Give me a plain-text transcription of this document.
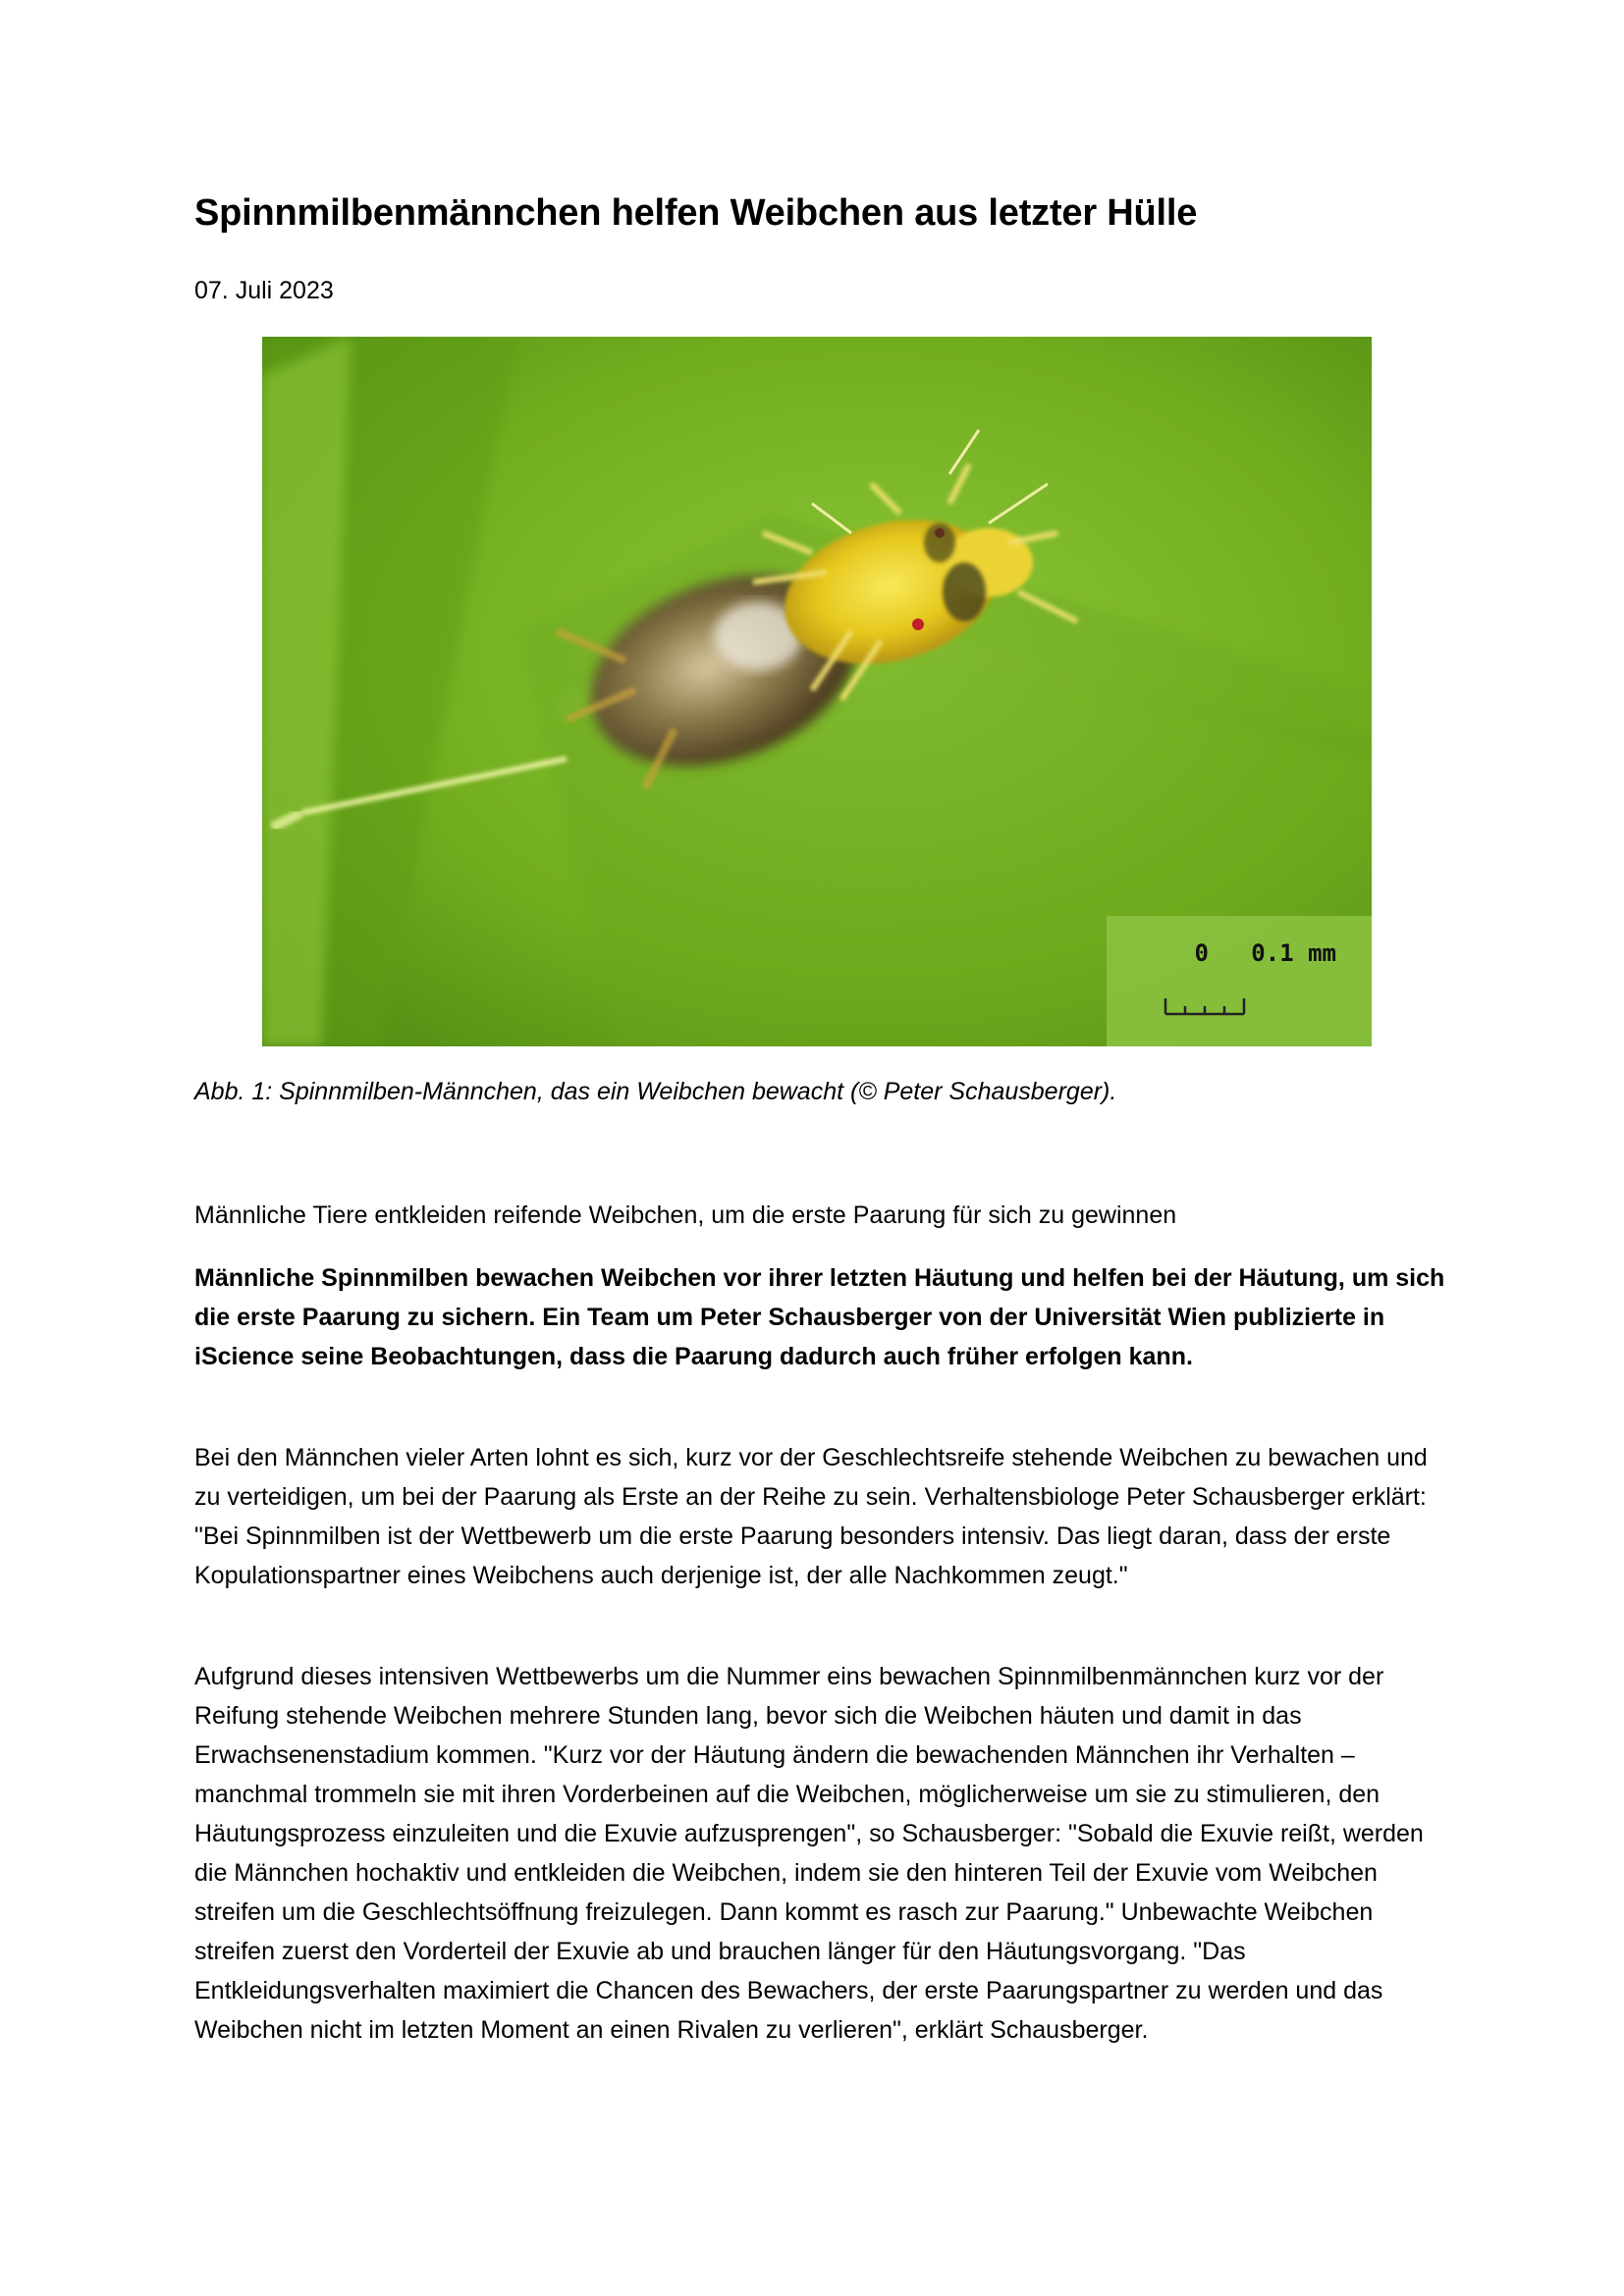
Spinnmilbenmännchen helfen Weibchen aus letzter Hülle
07. Juli 2023
0   0.1 mm
Abb. 1: Spinnmilben-Männchen, das ein Weibchen bewacht (© Peter Schausberger).
Männliche Tiere entkleiden reifende Weibchen, um die erste Paarung für sich zu gewinnen

Männliche Spinnmilben bewachen Weibchen vor ihrer letzten Häutung und helfen bei der Häutung, um sich die erste Paarung zu sichern. Ein Team um Peter Schausberger von der Universität Wien publizierte in iScience seine Beobachtungen, dass die Paarung dadurch auch früher erfolgen kann.

Bei den Männchen vieler Arten lohnt es sich, kurz vor der Geschlechtsreife stehende Weibchen zu bewachen und zu verteidigen, um bei der Paarung als Erste an der Reihe zu sein. Verhaltensbiologe Peter Schausberger erklärt: "Bei Spinnmilben ist der Wettbewerb um die erste Paarung besonders intensiv. Das liegt daran, dass der erste Kopulationspartner eines Weibchens auch derjenige ist, der alle Nachkommen zeugt."

Aufgrund dieses intensiven Wettbewerbs um die Nummer eins bewachen Spinnmilbenmännchen kurz vor der Reifung stehende Weibchen mehrere Stunden lang, bevor sich die Weibchen häuten und damit in das Erwachsenenstadium kommen. "Kurz vor der Häutung ändern die bewachenden Männchen ihr Verhalten – manchmal trommeln sie mit ihren Vorderbeinen auf die Weibchen, möglicherweise um sie zu stimulieren, den Häutungsprozess einzuleiten und die Exuvie aufzusprengen", so Schausberger: "Sobald die Exuvie reißt, werden die Männchen hochaktiv und entkleiden die Weibchen, indem sie den hinteren Teil der Exuvie vom Weibchen streifen um die Geschlechtsöffnung freizulegen. Dann kommt es rasch zur Paarung." Unbewachte Weibchen streifen zuerst den Vorderteil der Exuvie ab und brauchen länger für den Häutungsvorgang. "Das Entkleidungsverhalten maximiert die Chancen des Bewachers, der erste Paarungspartner zu werden und das Weibchen nicht im letzten Moment an einen Rivalen zu verlieren", erklärt Schausberger.
